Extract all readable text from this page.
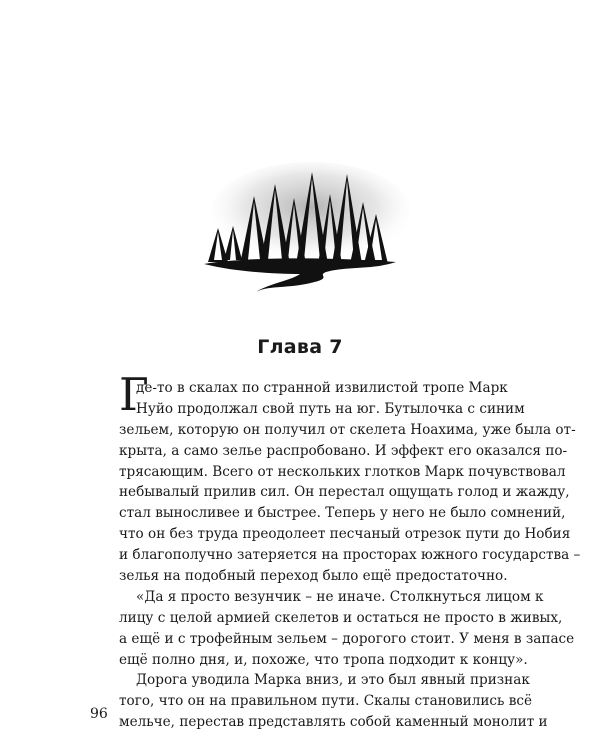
Глава 7
Г
де-то в скалах по странной извилистой тропе Марк
Нуйо продолжал свой путь на юг. Бутылочка с синим
зельем, которую он получил от скелета Ноахима, уже была от-
крыта, а само зелье распробовано. И эффект его оказался по-
трясающим. Всего от нескольких глотков Марк почувствовал
небывалый прилив сил. Он перестал ощущать голод и жажду,
стал выносливее и быстрее. Теперь у него не было сомнений,
что он без труда преодолеет песчаный отрезок пути до Нобия
и благополучно затеряется на просторах южного государства –
зелья на подобный переход было ещё предостаточно.
«Да я просто везунчик – не иначе. Столкнуться лицом к
лицу с целой армией скелетов и остаться не просто в живых,
а ещё и с трофейным зельем – дорогого стоит. У меня в запасе
ещё полно дня, и, похоже, что тропа подходит к концу».
Дорога уводила Марка вниз, и это был явный признак
того, что он на правильном пути. Скалы становились всё
мельче, перестав представлять собой каменный монолит и
96
